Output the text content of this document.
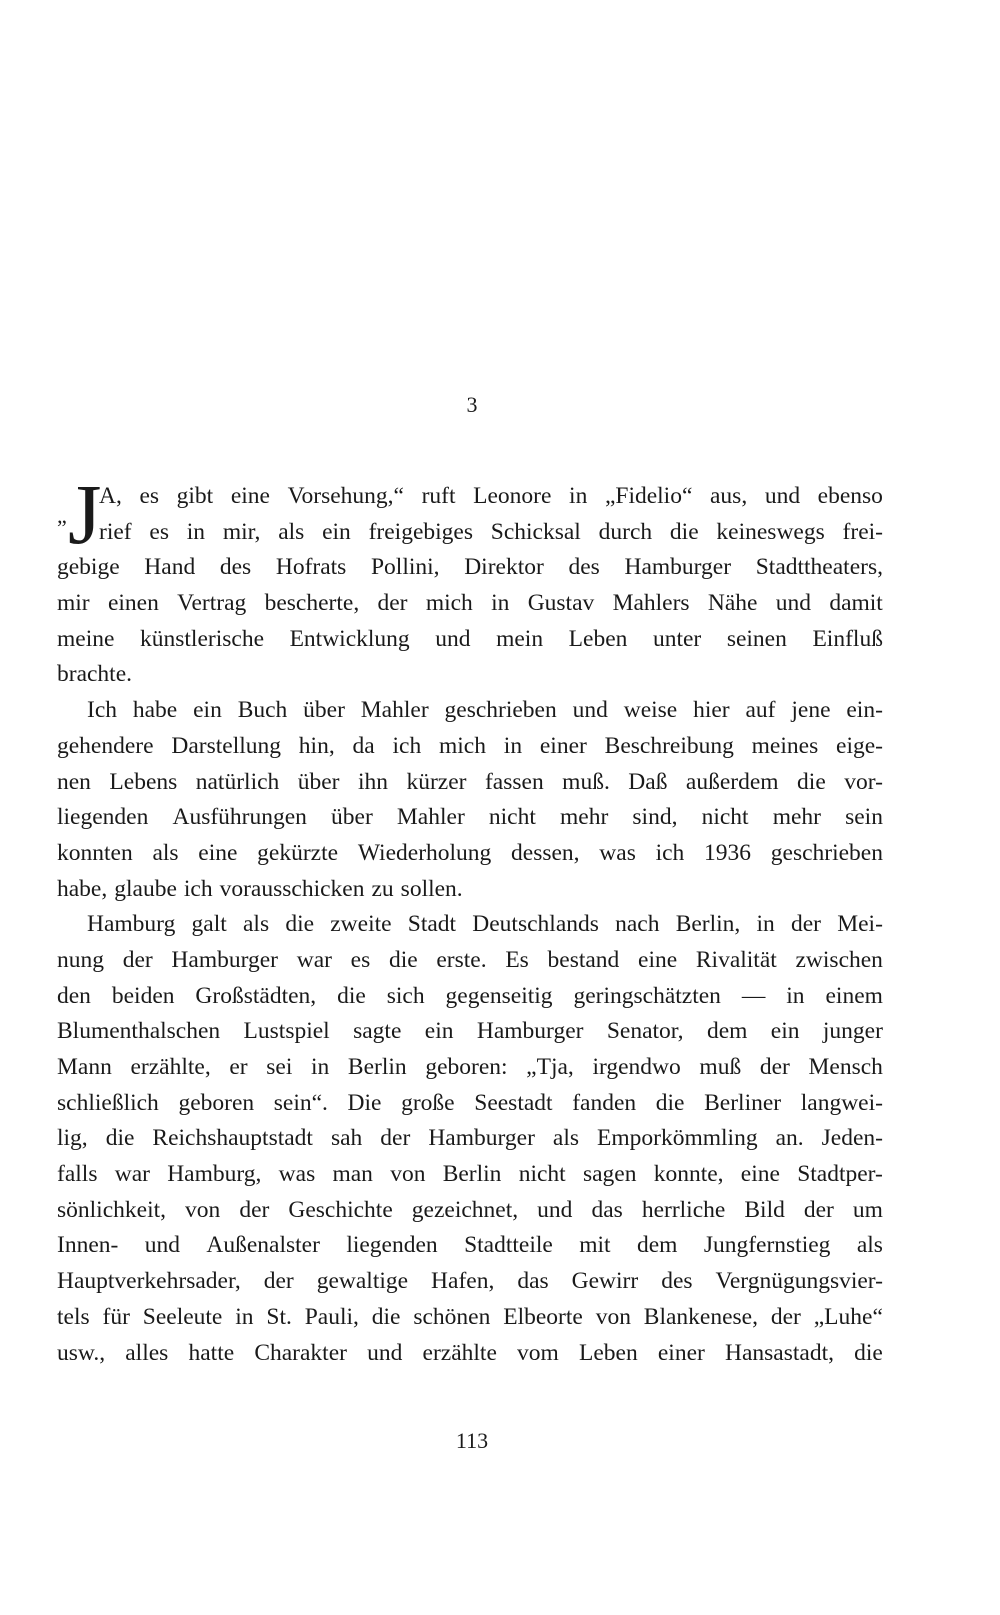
3
„ J
A, es gibt eine Vorsehung,“ ruft Leonore in „Fidelio“ aus, und ebenso
rief es in mir, als ein freigebiges Schicksal durch die keineswegs frei-
gebige Hand des Hofrats Pollini, Direktor des Hamburger Stadttheaters,
mir einen Vertrag bescherte, der mich in Gustav Mahlers Nähe und damit
meine künstlerische Entwicklung und mein Leben unter seinen Einfluß
brachte.
Ich habe ein Buch über Mahler geschrieben und weise hier auf jene ein-
gehendere Darstellung hin, da ich mich in einer Beschreibung meines eige-
nen Lebens natürlich über ihn kürzer fassen muß. Daß außerdem die vor-
liegenden Ausführungen über Mahler nicht mehr sind, nicht mehr sein
konnten als eine gekürzte Wiederholung dessen, was ich 1936 geschrieben
habe, glaube ich vorausschicken zu sollen.
Hamburg galt als die zweite Stadt Deutschlands nach Berlin, in der Mei-
nung der Hamburger war es die erste. Es bestand eine Rivalität zwischen
den beiden Großstädten, die sich gegenseitig geringschätzten — in einem
Blumenthalschen Lustspiel sagte ein Hamburger Senator, dem ein junger
Mann erzählte, er sei in Berlin geboren: „Tja, irgendwo muß der Mensch
schließlich geboren sein“. Die große Seestadt fanden die Berliner langwei-
lig, die Reichshauptstadt sah der Hamburger als Emporkömmling an. Jeden-
falls war Hamburg, was man von Berlin nicht sagen konnte, eine Stadtper-
sönlichkeit, von der Geschichte gezeichnet, und das herrliche Bild der um
Innen- und Außenalster liegenden Stadtteile mit dem Jungfernstieg als
Hauptverkehrsader, der gewaltige Hafen, das Gewirr des Vergnügungsvier-
tels für Seeleute in St. Pauli, die schönen Elbeorte von Blankenese, der „Luhe“
usw., alles hatte Charakter und erzählte vom Leben einer Hansastadt, die
113
